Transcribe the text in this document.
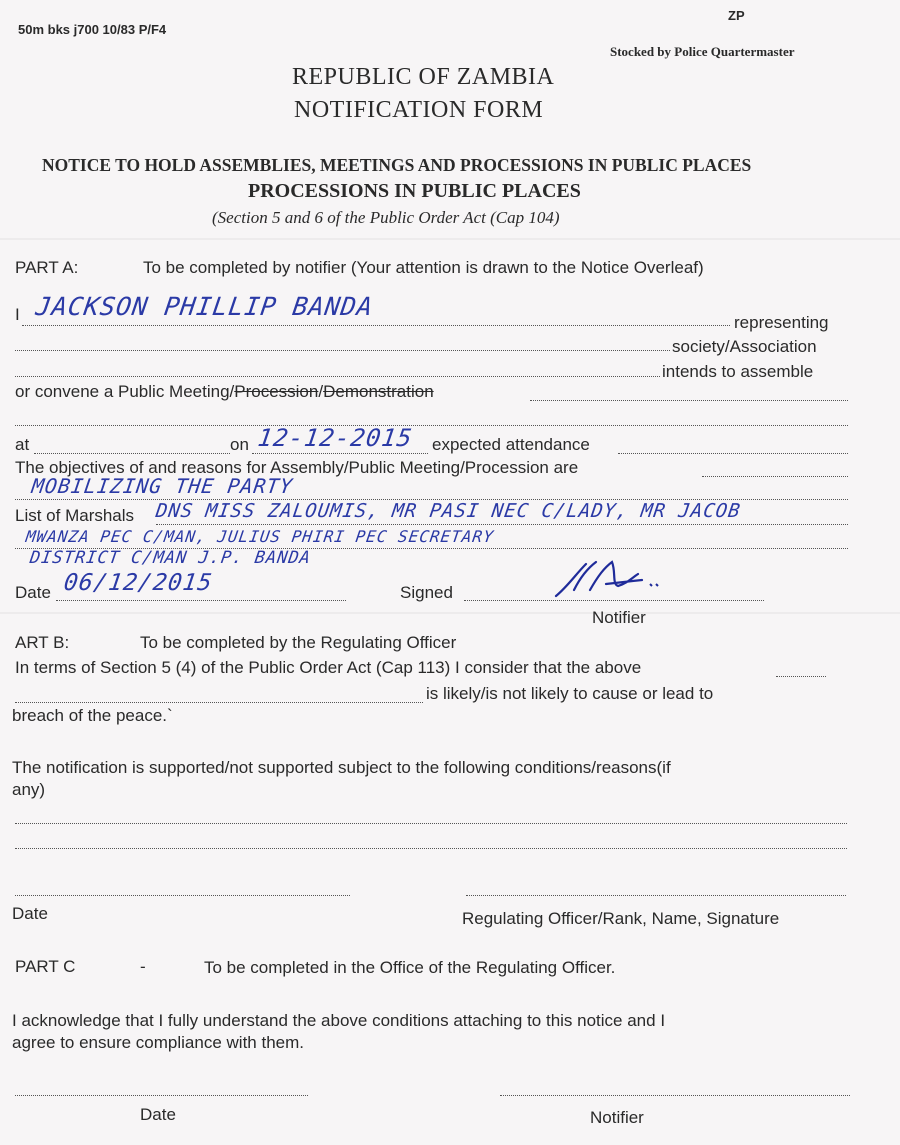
50m bks j700 10/83 P/F4
ZP
Stocked by Police Quartermaster
REPUBLIC OF ZAMBIA
NOTIFICATION FORM
NOTICE TO HOLD ASSEMBLIES, MEETINGS AND PROCESSIONS IN PUBLIC PLACES
PROCESSIONS IN PUBLIC PLACES
(Section 5 and 6 of the Public Order Act (Cap 104)
PART A:	To be completed by notifier (Your attention is drawn to the Notice Overleaf)
I JACKSON PHILLIP BANDA
representing
society/Association
intends to assemble
or convene a Public Meeting/Procession/Demonstration
at	on 12-12-2015 expected attendance
The objectives of and reasons for Assembly/Public Meeting/Procession are
MOBILIZING THE PARTY
List of Marshals DNS MISS ZALOUMIS, MR PASI NEC C/LADY, MR JACOB
MWANZA PEC C/MAN, JULIUS PHIRI PEC SECRETARY
DISTRICT C/MAN J.P. BANDA
Date 06/12/2015	Signed
Notifier
ART B:	To be completed by the Regulating Officer
In terms of Section 5 (4) of the Public Order Act (Cap 113) I consider that the above
is likely/is not likely to cause or lead to
breach of the peace.`
The notification is supported/not supported subject to the following conditions/reasons(if
any)
Date	Regulating Officer/Rank, Name, Signature
PART C	-	To be completed in the Office of the Regulating Officer.
I acknowledge that I fully understand the above conditions attaching to this notice and I
agree to ensure compliance with them.
Date	Notifier
